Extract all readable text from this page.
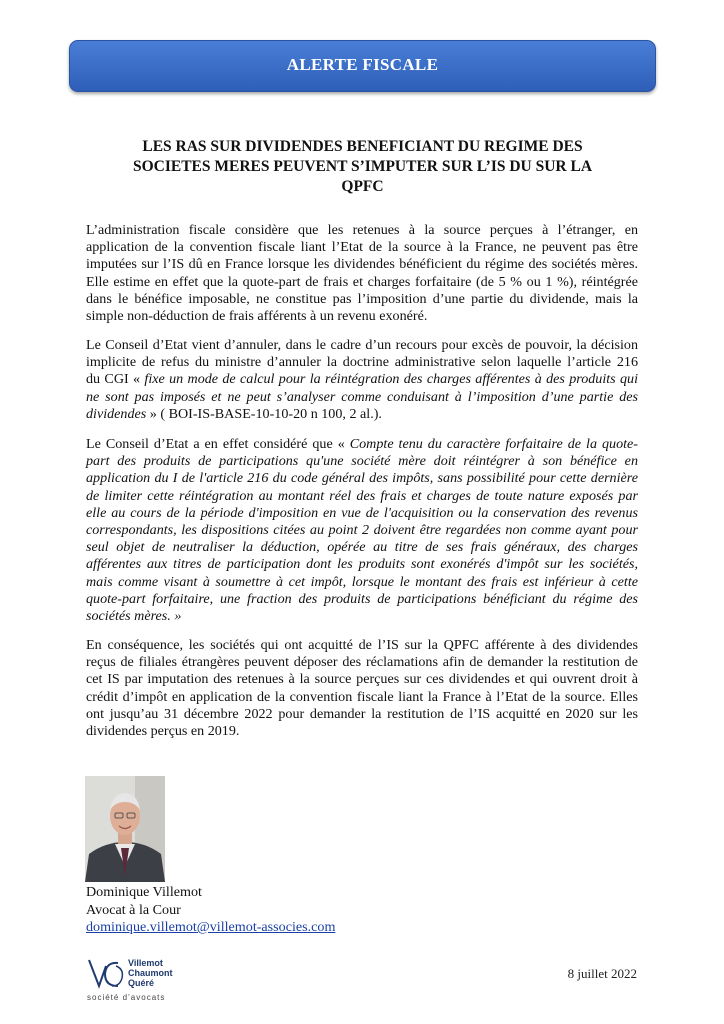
ALERTE FISCALE
LES RAS SUR DIVIDENDES BENEFICIANT DU REGIME DES
SOCIETES MERES PEUVENT S’IMPUTER SUR L’IS DU SUR LA
QPFC
L’administration fiscale considère que les retenues à la source perçues à l’étranger, en
application de la convention fiscale liant l’Etat de la source à la France, ne peuvent pas être
imputées sur l’IS dû en France lorsque les dividendes bénéficient du régime des sociétés mères.
Elle estime en effet que la quote-part de frais et charges forfaitaire (de 5 % ou 1 %), réintégrée
dans le bénéfice imposable, ne constitue pas l’imposition d’une partie du dividende, mais la
simple non-déduction de frais afférents à un revenu exonéré.
Le Conseil d’Etat vient d’annuler, dans le cadre d’un recours pour excès de pouvoir, la décision
implicite de refus du ministre d’annuler la doctrine administrative selon laquelle l’article 216
du CGI « fixe un mode de calcul pour la réintégration des charges afférentes à des produits qui
ne sont pas imposés et ne peut s’analyser comme conduisant à l’imposition d’une partie des
dividendes » ( BOI-IS-BASE-10-10-20 n 100, 2 al.).
Le Conseil d’Etat a en effet considéré que « Compte tenu du caractère forfaitaire de la quote-
part des produits de participations qu'une société mère doit réintégrer à son bénéfice en
application du I de l'article 216 du code général des impôts, sans possibilité pour cette dernière
de limiter cette réintégration au montant réel des frais et charges de toute nature exposés par
elle au cours de la période d'imposition en vue de l'acquisition ou la conservation des revenus
correspondants, les dispositions citées au point 2 doivent être regardées non comme ayant pour
seul objet de neutraliser la déduction, opérée au titre de ses frais généraux, des charges
afférentes aux titres de participation dont les produits sont exonérés d'impôt sur les sociétés,
mais comme visant à soumettre à cet impôt, lorsque le montant des frais est inférieur à cette
quote-part forfaitaire, une fraction des produits de participations bénéficiant du régime des
sociétés mères. »
En conséquence, les sociétés qui ont acquitté de l’IS sur la QPFC afférente à des dividendes
reçus de filiales étrangères peuvent déposer des réclamations afin de demander la restitution de
cet IS par imputation des retenues à la source perçues sur ces dividendes et qui ouvrent droit à
crédit d’impôt en application de la convention fiscale liant la France à l’Etat de la source. Elles
ont jusqu’au 31 décembre 2022 pour demander la restitution de l’IS acquitté en 2020 sur les
dividendes perçus en 2019.
Dominique Villemot
Avocat à la Cour
dominique.villemot@villemot-associes.com
Villemot
Chaumont
Quéré
société d’avocats
8 juillet 2022
